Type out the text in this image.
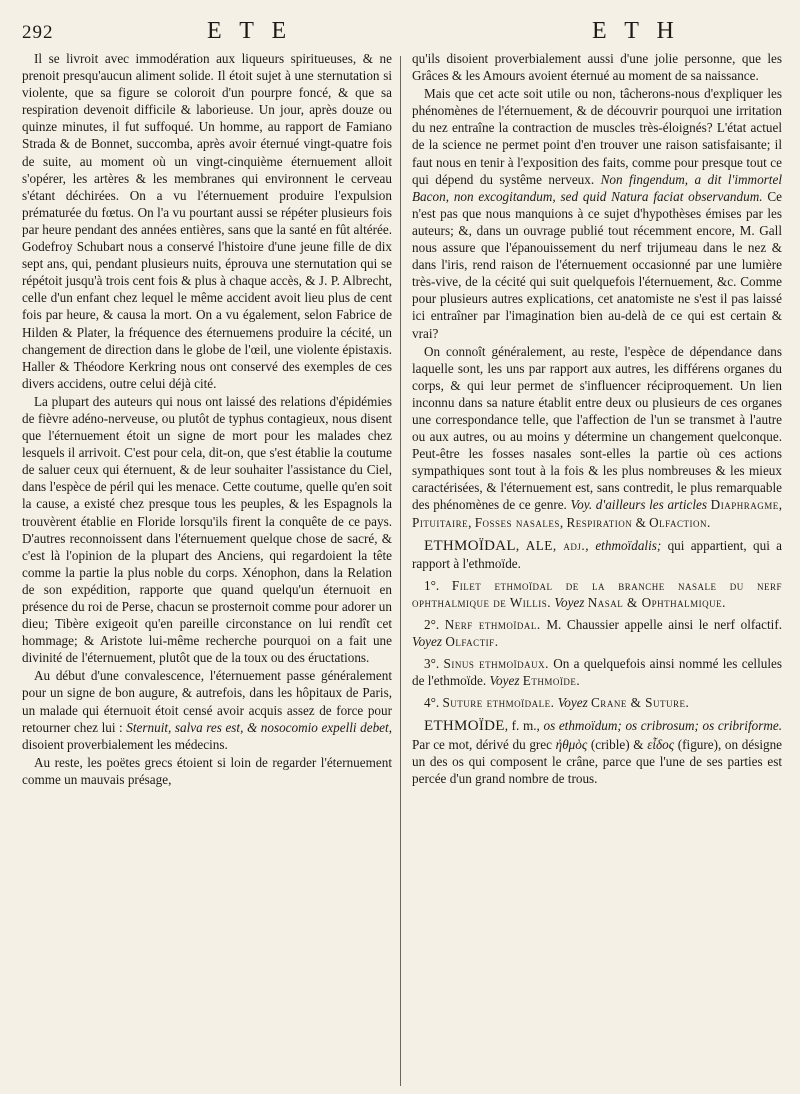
292	E T E	E T H

Il se livroit avec immodération aux liqueurs spiritueuses, & ne prenoit presqu'aucun aliment solide. Il étoit sujet à une sternutation si violente, que sa figure se coloroit d'un pourpre foncé, & que sa respiration devenoit difficile & laborieuse. Un jour, après douze ou quinze minutes, il fut suffoqué. Un homme, au rapport de Famiano Strada & de Bonnet, succomba, après avoir éternué vingt-quatre fois de suite, au moment où un vingt-cinquième éternuement alloit s'opérer, les artères & les membranes qui environnent le cerveau s'étant déchirées. On a vu l'éternuement produire l'expulsion prématurée du fœtus. On l'a vu pourtant aussi se répéter plusieurs fois par heure pendant des années entières, sans que la santé en fût altérée. Godefroy Schubart nous a conservé l'histoire d'une jeune fille de dix sept ans, qui, pendant plusieurs nuits, éprouva une sternutation qui se répétoit jusqu'à trois cent fois & plus à chaque accès, & J. P. Albrecht, celle d'un enfant chez lequel le même accident avoit lieu plus de cent fois par heure, & causa la mort. On a vu également, selon Fabrice de Hilden & Plater, la fréquence des éternuemens produire la cécité, un changement de direction dans le globe de l'œil, une violente épistaxis. Haller & Théodore Kerkring nous ont conservé des exemples de ces divers accidens, outre celui déjà cité.

La plupart des auteurs qui nous ont laissé des relations d'épidémies de fièvre adéno-nerveuse, ou plutôt de typhus contagieux, nous disent que l'éternuement étoit un signe de mort pour les malades chez lesquels il arrivoit. C'est pour cela, dit-on, que s'est établie la coutume de saluer ceux qui éternuent, & de leur souhaiter l'assistance du Ciel, dans l'espèce de péril qui les menace. Cette coutume, quelle qu'en soit la cause, a existé chez presque tous les peuples, & les Espagnols la trouvèrent établie en Floride lorsqu'ils firent la conquête de ce pays. D'autres reconnoissent dans l'éternuement quelque chose de sacré, & c'est là l'opinion de la plupart des Anciens, qui regardoient la tête comme la partie la plus noble du corps. Xénophon, dans la Relation de son expédition, rapporte que quand quelqu'un éternuoit en présence du roi de Perse, chacun se prosternoit comme pour adorer un dieu; Tibère exigeoit qu'en pareille circonstance on lui rendît cet hommage; & Aristote lui-même recherche pourquoi on a fait une divinité de l'éternuement, plutôt que de la toux ou des éructations.

Au début d'une convalescence, l'éternuement passe généralement pour un signe de bon augure, & autrefois, dans les hôpitaux de Paris, un malade qui éternuoit étoit censé avoir acquis assez de force pour retourner chez lui : Sternuit, salva res est, & nosocomio expelli debet, disoient proverbialement les médecins.

Au reste, les poëtes grecs étoient si loin de regarder l'éternuement comme un mauvais présage,

qu'ils disoient proverbialement aussi d'une jolie personne, que les Grâces & les Amours avoient éternué au moment de sa naissance.

Mais que cet acte soit utile ou non, tâcherons-nous d'expliquer les phénomènes de l'éternuement, & de découvrir pourquoi une irritation du nez entraîne la contraction de muscles très-éloignés? L'état actuel de la science ne permet point d'en trouver une raison satisfaisante; il faut nous en tenir à l'exposition des faits, comme pour presque tout ce qui dépend du systême nerveux. Non fingendum, a dit l'immortel Bacon, non excogitandum, sed quid Natura faciat observandum. Ce n'est pas que nous manquions à ce sujet d'hypothèses émises par les auteurs; &, dans un ouvrage publié tout récemment encore, M. Gall nous assure que l'épanouissement du nerf trijumeau dans le nez & dans l'iris, rend raison de l'éternuement occasionné par une lumière très-vive, de la cécité qui suit quelquefois l'éternuement, &c. Comme pour plusieurs autres explications, cet anatomiste ne s'est il pas laissé ici entraîner par l'imagination bien au-delà de ce qui est certain & vrai?

On connoît généralement, au reste, l'espèce de dépendance dans laquelle sont, les uns par rapport aux autres, les différens organes du corps, & qui leur permet de s'influencer réciproquement. Un lien inconnu dans sa nature établit entre deux ou plusieurs de ces organes une correspondance telle, que l'affection de l'un se transmet à l'autre ou aux autres, ou au moins y détermine un changement quelconque. Peut-être les fosses nasales sont-elles la partie où ces actions sympathiques sont tout à la fois & les plus nombreuses & les mieux caractérisées, & l'éternuement est, sans contredit, le plus remarquable des phénomènes de ce genre. Voy. d'ailleurs les articles Diaphragme, Pituitaire, Fosses nasales, Respiration & Olfaction.

ETHMOÏDAL, ALE, adj., ethmoïdalis; qui appartient, qui a rapport à l'ethmoïde.

1°. Filet ethmoïdal de la branche nasale du nerf ophthalmique de Willis. Voyez Nasal & Ophthalmique.

2°. Nerf ethmoïdal. M. Chaussier appelle ainsi le nerf olfactif. Voyez Olfactif.

3°. Sinus ethmoïdaux. On a quelquefois ainsi nommé les cellules de l'ethmoïde. Voyez Ethmoïde.

4°. Suture ethmoïdale. Voyez Crane & Suture.

ETHMOÏDE, f. m., os ethmoïdum; os cribrosum; os cribriforme. Par ce mot, dérivé du grec ἠθμὸς (crible) & εἶδος (figure), on désigne un des os qui composent le crâne, parce que l'une de ses parties est percée d'un grand nombre de trous.
